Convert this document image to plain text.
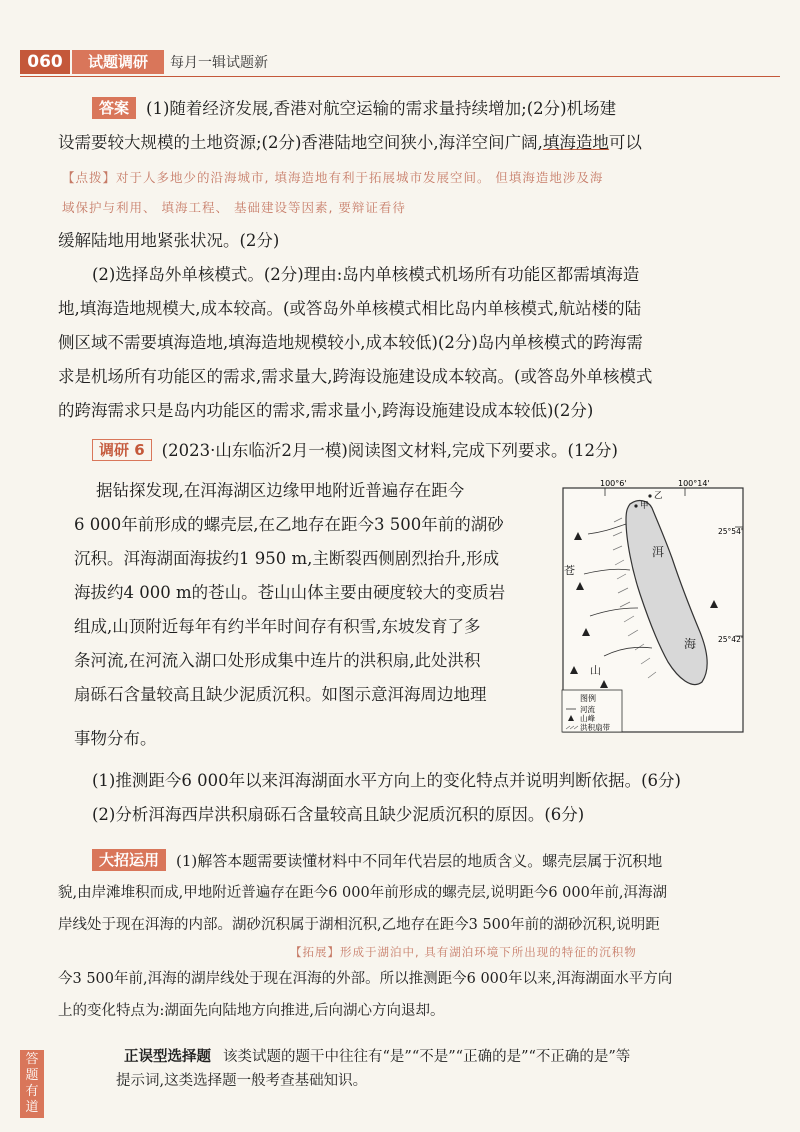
060	试题调研	每月一辑试题新
答案 (1)随着经济发展,香港对航空运输的需求量持续增加;(2分)机场建
设需要较大规模的土地资源;(2分)香港陆地空间狭小,海洋空间广阔,填海造地可以
【点拨】对于人多地少的沿海城市, 填海造地有利于拓展城市发展空间。 但填海造地涉及海
域保护与利用、 填海工程、 基础建设等因素, 要辩证看待
缓解陆地用地紧张状况。(2分)
(2)选择岛外单核模式。(2分)理由:岛内单核模式机场所有功能区都需填海造
地,填海造地规模大,成本较高。(或答岛外单核模式相比岛内单核模式,航站楼的陆
侧区域不需要填海造地,填海造地规模较小,成本较低)(2分)岛内单核模式的跨海需
求是机场所有功能区的需求,需求量大,跨海设施建设成本较高。(或答岛外单核模式
的跨海需求只是岛内功能区的需求,需求量小,跨海设施建设成本较低)(2分)
调研 6 (2023·山东临沂2月一模)阅读图文材料,完成下列要求。(12分)
据钻探发现,在洱海湖区边缘甲地附近普遍存在距今
6 000年前形成的螺壳层,在乙地存在距今3 500年前的湖砂
沉积。洱海湖面海拔约1 950 m,主断裂西侧剧烈抬升,形成
海拔约4 000 m的苍山。苍山山体主要由硬度较大的变质岩
组成,山顶附近每年有约半年时间存有积雪,东坡发育了多
条河流,在河流入湖口处形成集中连片的洪积扇,此处洪积
扇砾石含量较高且缺少泥质沉积。如图示意洱海周边地理
事物分布。
100°6'	100°14'
25°54'
25°42'
洱
海
苍
山
甲
乙
图例
河流
山峰
洪积扇带
(1)推测距今6 000年以来洱海湖面水平方向上的变化特点并说明判断依据。(6分)
(2)分析洱海西岸洪积扇砾石含量较高且缺少泥质沉积的原因。(6分)
大招运用 (1)解答本题需要读懂材料中不同年代岩层的地质含义。螺壳层属于沉积地
貌,由岸滩堆积而成,甲地附近普遍存在距今6 000年前形成的螺壳层,说明距今6 000年前,洱海湖
岸线处于现在洱海的内部。湖砂沉积属于湖相沉积,乙地存在距今3 500年前的湖砂沉积,说明距
【拓展】形成于湖泊中, 具有湖泊环境下所出现的特征的沉积物
今3 500年前,洱海的湖岸线处于现在洱海的外部。所以推测距今6 000年以来,洱海湖面水平方向
上的变化特点为:湖面先向陆地方向推进,后向湖心方向退却。
答题有道
正误型选择题 该类试题的题干中往往有“是”“不是”“正确的是”“不正确的是”等
提示词,这类选择题一般考查基础知识。
